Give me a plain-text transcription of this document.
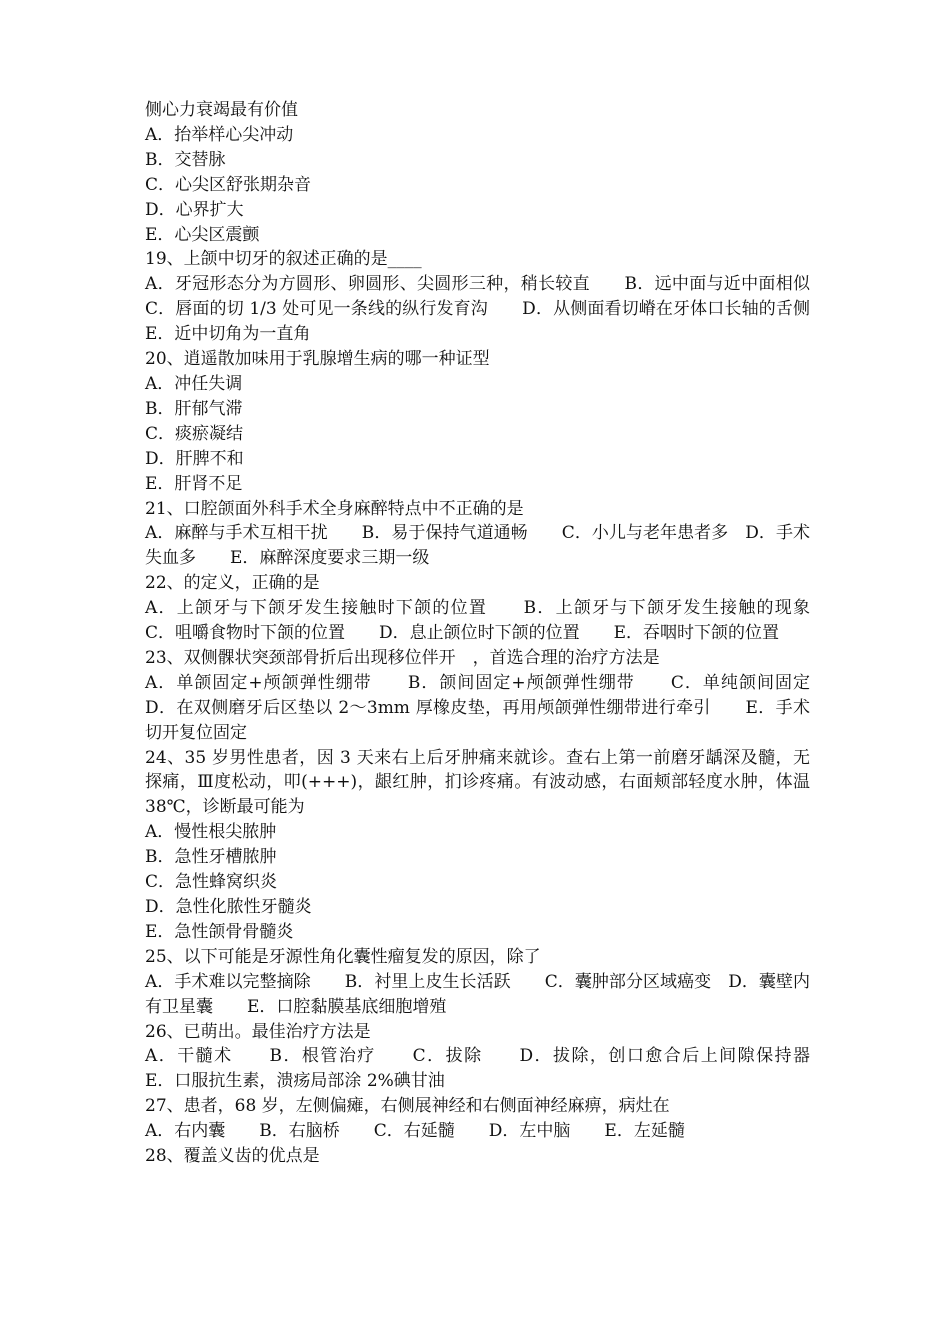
侧心力衰竭最有价值

A．抬举样心尖冲动

B．交替脉

C．心尖区舒张期杂音

D．心界扩大

E．心尖区震颤

19、上颌中切牙的叙述正确的是____

A．牙冠形态分为方圆形、卵圆形、尖圆形三种，稍长较直　　B．远中面与近中面相似　　C．唇面的切 1/3 处可见一条线的纵行发育沟　　D．从侧面看切嵴在牙体口长轴的舌侧　　E．近中切角为一直角

20、逍遥散加味用于乳腺增生病的哪一种证型

A．冲任失调

B．肝郁气滞

C．痰瘀凝结

D．肝脾不和

E．肝肾不足

21、口腔颌面外科手术全身麻醉特点中不正确的是

A．麻醉与手术互相干扰　　B．易于保持气道通畅　　C．小儿与老年患者多　D．手术失血多　　E．麻醉深度要求三期一级

22、的定义，正确的是

A．上颌牙与下颌牙发生接触时下颌的位置　　B．上颌牙与下颌牙发生接触的现象　　C．咀嚼食物时下颌的位置　　D．息止颌位时下颌的位置　　E．吞咽时下颌的位置

23、双侧髁状突颈部骨折后出现移位伴开　，首选合理的治疗方法是

A．单颌固定+颅颌弹性绷带　　B．颌间固定+颅颌弹性绷带　　C．单纯颌间固定　　D．在双侧磨牙后区垫以 2～3mm 厚橡皮垫，再用颅颌弹性绷带进行牵引　　E．手术切开复位固定

24、35 岁男性患者，因 3 天来右上后牙肿痛来就诊。查右上第一前磨牙龋深及髓，无探痛，Ⅲ度松动，叩(+++)，龈红肿，扪诊疼痛。有波动感，右面颊部轻度水肿，体温 38℃，诊断最可能为

A．慢性根尖脓肿

B．急性牙槽脓肿

C．急性蜂窝织炎

D．急性化脓性牙髓炎

E．急性颌骨骨髓炎

25、以下可能是牙源性角化囊性瘤复发的原因，除了

A．手术难以完整摘除　　B．衬里上皮生长活跃　　C．囊肿部分区域癌变　D．囊壁内有卫星囊　　E．口腔黏膜基底细胞增殖

26、已萌出。最佳治疗方法是

A．干髓术　　B．根管治疗　　C．拔除　　D．拔除，创口愈合后上间隙保持器　　E．口服抗生素，溃疡局部涂 2%碘甘油

27、患者，68 岁，左侧偏瘫，右侧展神经和右侧面神经麻痹，病灶在

A．右内囊　　B．右脑桥　　C．右延髓　　D．左中脑　　E．左延髓

28、覆盖义齿的优点是
